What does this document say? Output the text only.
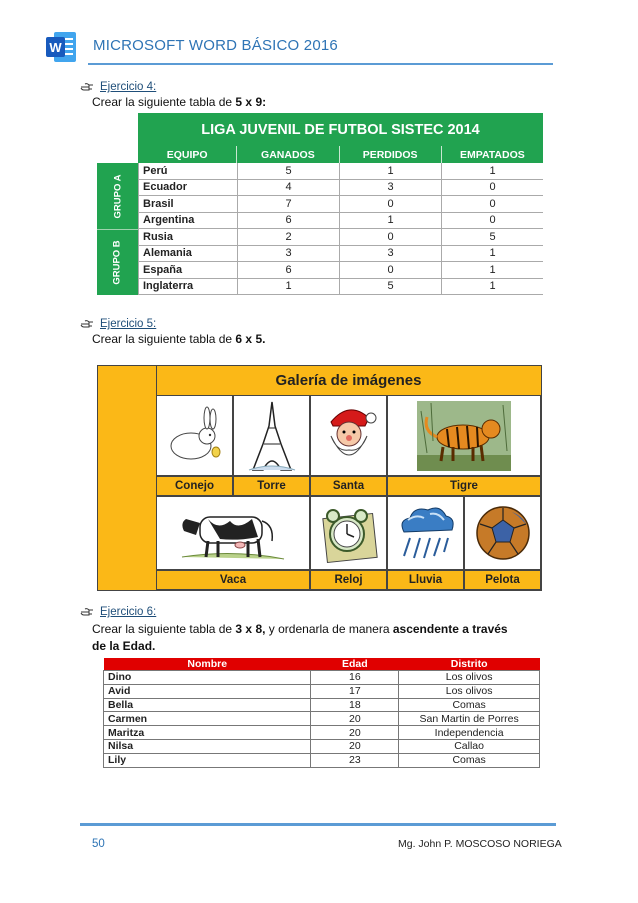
W MICROSOFT WORD BÁSICO 2016
Ejercicio 4:
Crear la siguiente tabla de 5 x 9:
LIGA JUVENIL DE FUTBOL SISTEC 2014
EQUIPO	GANADOS	PERDIDOS	EMPATADOS
GRUPO A
GRUPO B
Perú	5	1	1
Ecuador	4	3	0
Brasil	7	0	0
Argentina	6	1	0
Rusia	2	0	5
Alemania	3	3	1
España	6	0	1
Inglaterra	1	5	1
Ejercicio 5:
Crear la siguiente tabla de 6 x 5.
Galería de imágenes
Conejo	Torre	Santa	Tigre
Vaca	Reloj	Lluvia	Pelota
Ejercicio 6:
Crear la siguiente tabla de 3 x 8, y ordenarla de manera ascendente a través
de la Edad.
Nombre	Edad	Distrito
Dino	16	Los olivos
Avid	17	Los olivos
Bella	18	Comas
Carmen	20	San Martin de Porres
Maritza	20	Independencia
Nilsa	20	Callao
Lily	23	Comas
50	Mg. John P. MOSCOSO NORIEGA
